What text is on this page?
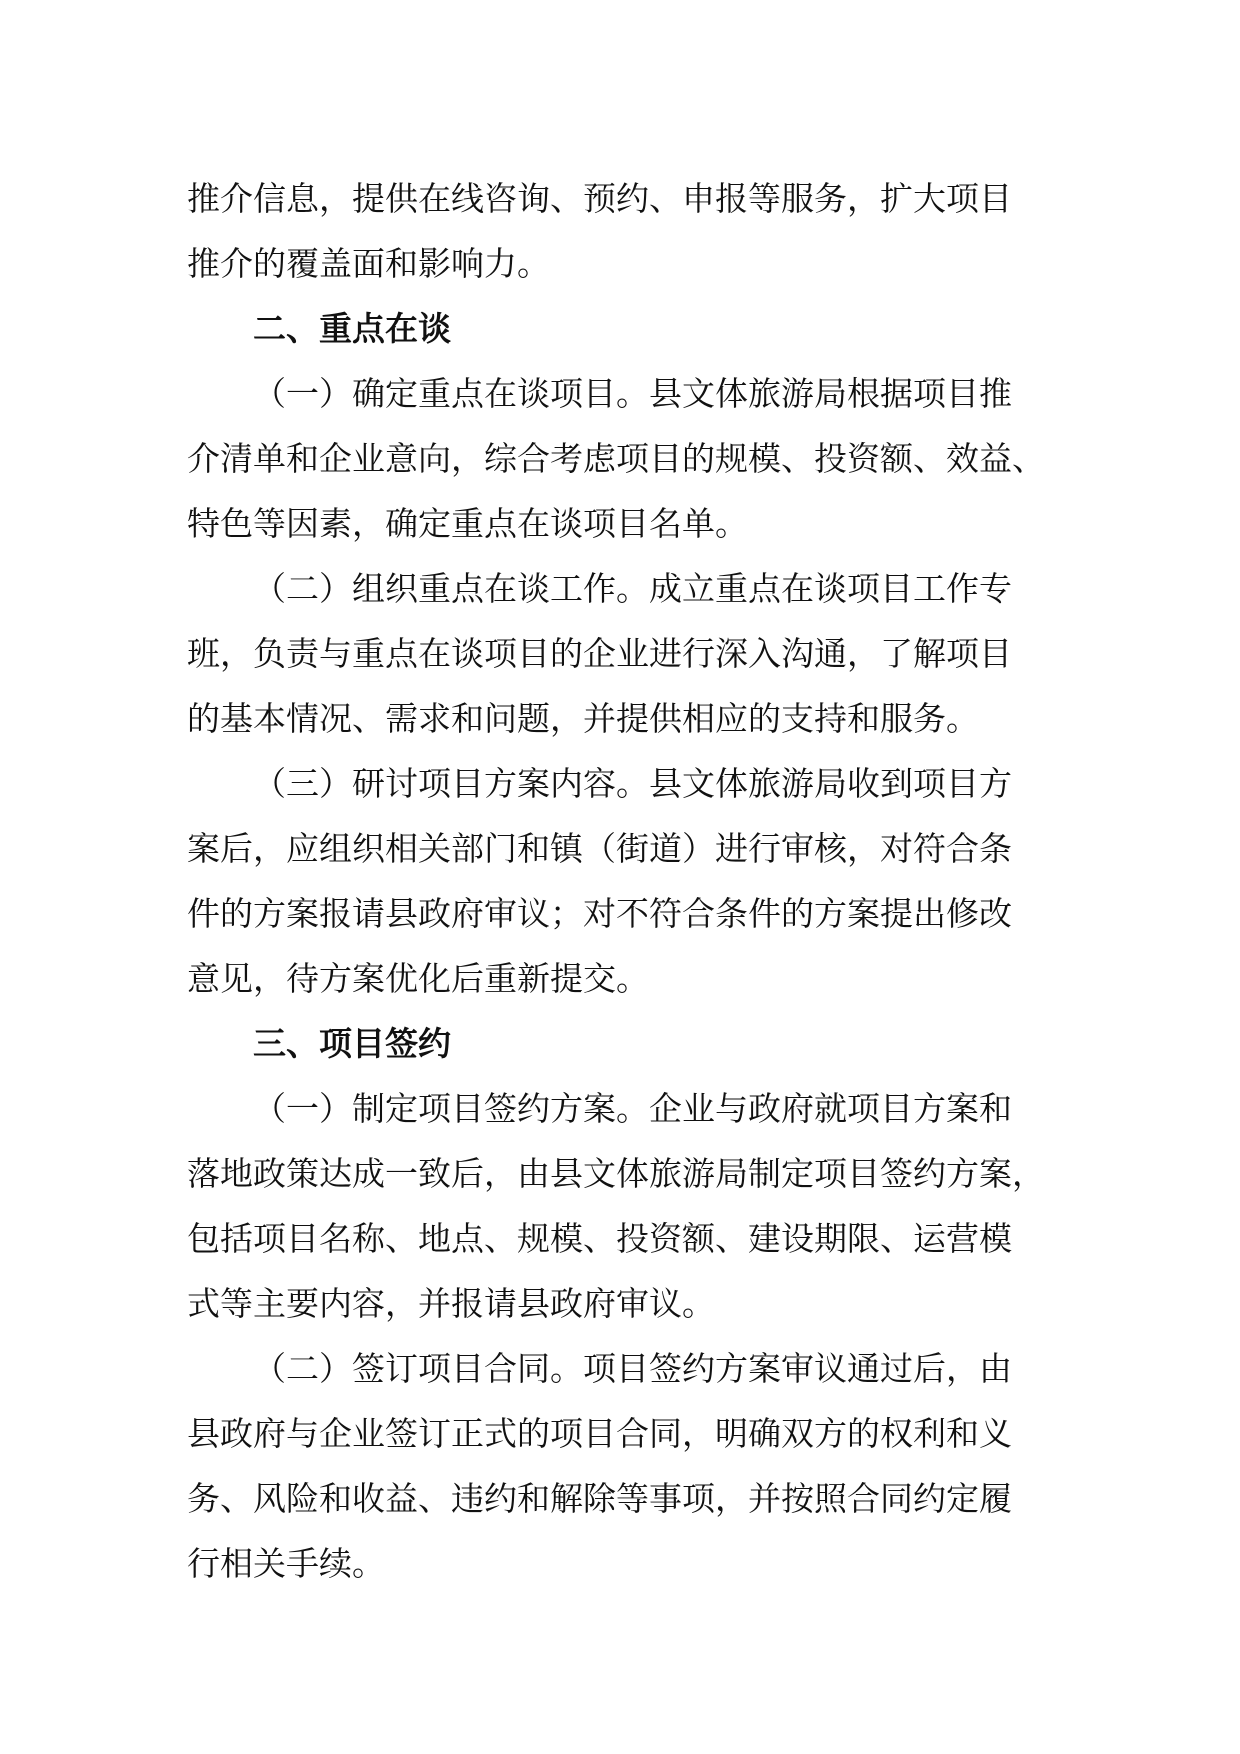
推介信息，提供在线咨询、预约、申报等服务，扩大项目
推介的覆盖面和影响力。
二、重点在谈
（一）确定重点在谈项目。县文体旅游局根据项目推
介清单和企业意向，综合考虑项目的规模、投资额、效益、
特色等因素，确定重点在谈项目名单。
（二）组织重点在谈工作。成立重点在谈项目工作专
班，负责与重点在谈项目的企业进行深入沟通，了解项目
的基本情况、需求和问题，并提供相应的支持和服务。
（三）研讨项目方案内容。县文体旅游局收到项目方
案后，应组织相关部门和镇（街道）进行审核，对符合条
件的方案报请县政府审议；对不符合条件的方案提出修改
意见，待方案优化后重新提交。
三、项目签约
（一）制定项目签约方案。企业与政府就项目方案和
落地政策达成一致后，由县文体旅游局制定项目签约方案，
包括项目名称、地点、规模、投资额、建设期限、运营模
式等主要内容，并报请县政府审议。
（二）签订项目合同。项目签约方案审议通过后，由
县政府与企业签订正式的项目合同，明确双方的权利和义
务、风险和收益、违约和解除等事项，并按照合同约定履
行相关手续。
